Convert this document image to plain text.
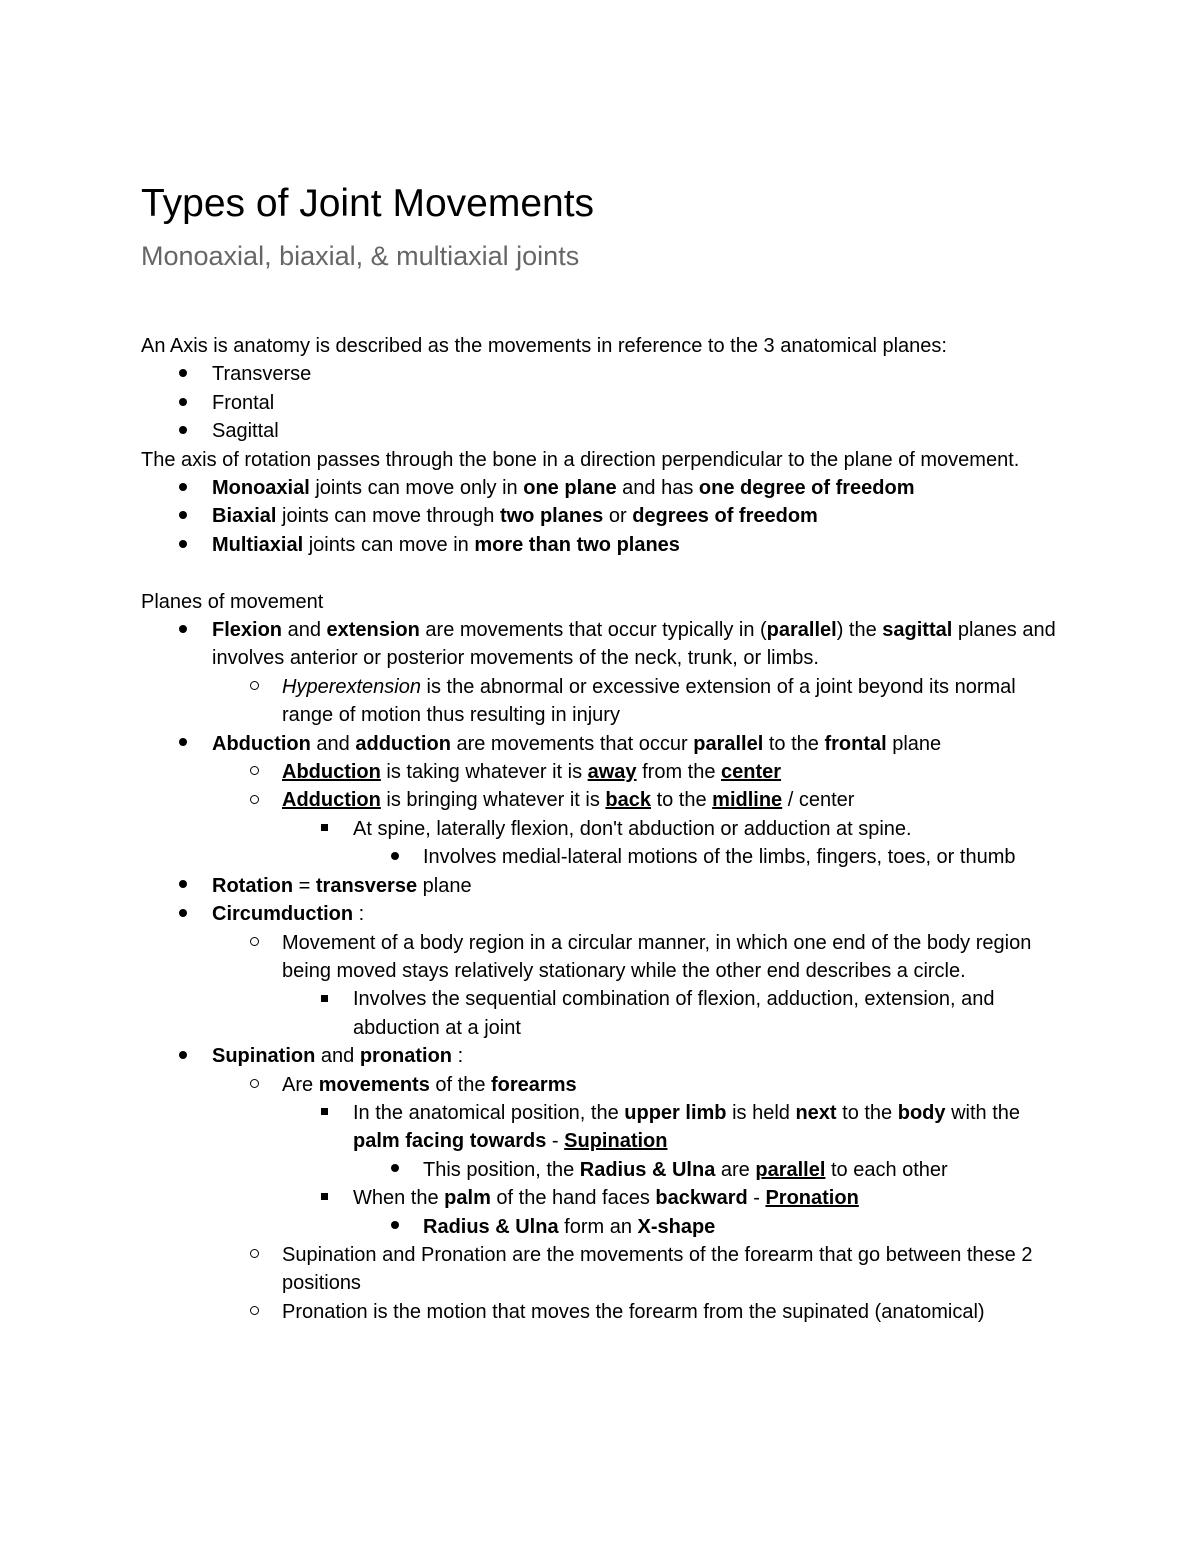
Types of Joint Movements
Monoaxial, biaxial, & multiaxial joints
An Axis is anatomy is described as the movements in reference to the 3 anatomical planes:
Transverse
Frontal
Sagittal
The axis of rotation passes through the bone in a direction perpendicular to the plane of movement.
Monoaxial joints can move only in one plane and has one degree of freedom
Biaxial joints can move through two planes or degrees of freedom
Multiaxial joints can move in more than two planes
Planes of movement
Flexion and extension are movements that occur typically in (parallel) the sagittal planes and involves anterior or posterior movements of the neck, trunk, or limbs.
Hyperextension is the abnormal or excessive extension of a joint beyond its normal range of motion thus resulting in injury
Abduction and adduction are movements that occur parallel to the frontal plane
Abduction is taking whatever it is away from the center
Adduction is bringing whatever it is back to the midline / center
At spine, laterally flexion, don't abduction or adduction at spine.
Involves medial-lateral motions of the limbs, fingers, toes, or thumb
Rotation = transverse plane
Circumduction :
Movement of a body region in a circular manner, in which one end of the body region being moved stays relatively stationary while the other end describes a circle.
Involves the sequential combination of flexion, adduction, extension, and abduction at a joint
Supination and pronation :
Are movements of the forearms
In the anatomical position, the upper limb is held next to the body with the palm facing towards - Supination
This position, the Radius & Ulna are parallel to each other
When the palm of the hand faces backward - Pronation
Radius & Ulna form an X-shape
Supination and Pronation are the movements of the forearm that go between these 2 positions
Pronation is the motion that moves the forearm from the supinated (anatomical)
